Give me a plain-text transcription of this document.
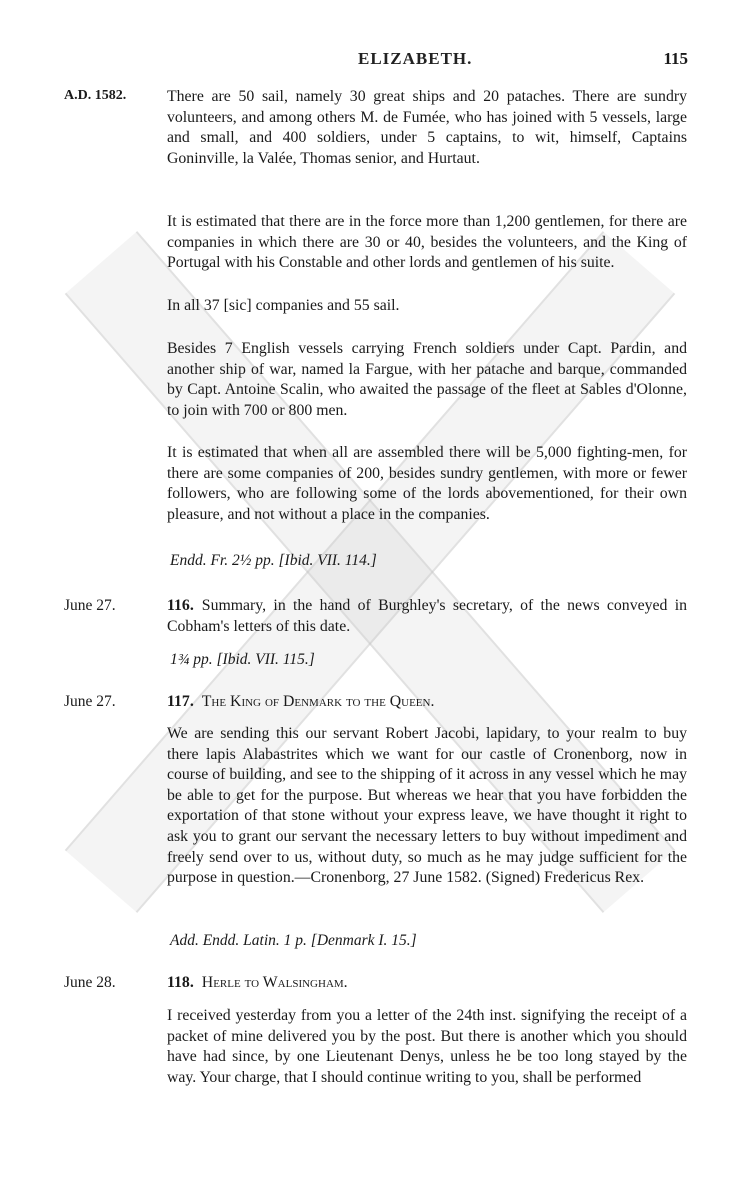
ELIZABETH.	115
A.D. 1582.	There are 50 sail, namely 30 great ships and 20 pataches. There are sundry volunteers, and among others M. de Fumée, who has joined with 5 vessels, large and small, and 400 soldiers, under 5 captains, to wit, himself, Captains Goninville, la Valée, Thomas senior, and Hurtaut.

It is estimated that there are in the force more than 1,200 gentlemen, for there are companies in which there are 30 or 40, besides the volunteers, and the King of Portugal with his Constable and other lords and gentlemen of his suite.

In all 37 [sic] companies and 55 sail.

Besides 7 English vessels carrying French soldiers under Capt. Pardin, and another ship of war, named la Fargue, with her patache and barque, commanded by Capt. Antoine Scalin, who awaited the passage of the fleet at Sables d'Olonne, to join with 700 or 800 men.

It is estimated that when all are assembled there will be 5,000 fighting-men, for there are some companies of 200, besides sundry gentlemen, with more or fewer followers, who are following some of the lords abovementioned, for their own pleasure, and not without a place in the companies.

Endd. Fr. 2½ pp. [Ibid. VII. 114.]
June 27.	116. Summary, in the hand of Burghley's secretary, of the news conveyed in Cobham's letters of this date.

1¾ pp. [Ibid. VII. 115.]
June 27.	117. The King of Denmark to the Queen.

We are sending this our servant Robert Jacobi, lapidary, to your realm to buy there lapis Alabastrites which we want for our castle of Cronenborg, now in course of building, and see to the shipping of it across in any vessel which he may be able to get for the purpose. But whereas we hear that you have forbidden the exportation of that stone without your express leave, we have thought it right to ask you to grant our servant the necessary letters to buy without impediment and freely send over to us, without duty, so much as he may judge sufficient for the purpose in question.—Cronenborg, 27 June 1582. (Signed) Fredericus Rex.

Add. Endd. Latin. 1 p. [Denmark I. 15.]
June 28.	118. Herle to Walsingham.

I received yesterday from you a letter of the 24th inst. signifying the receipt of a packet of mine delivered you by the post. But there is another which you should have had since, by one Lieutenant Denys, unless he be too long stayed by the way. Your charge, that I should continue writing to you, shall be performed
